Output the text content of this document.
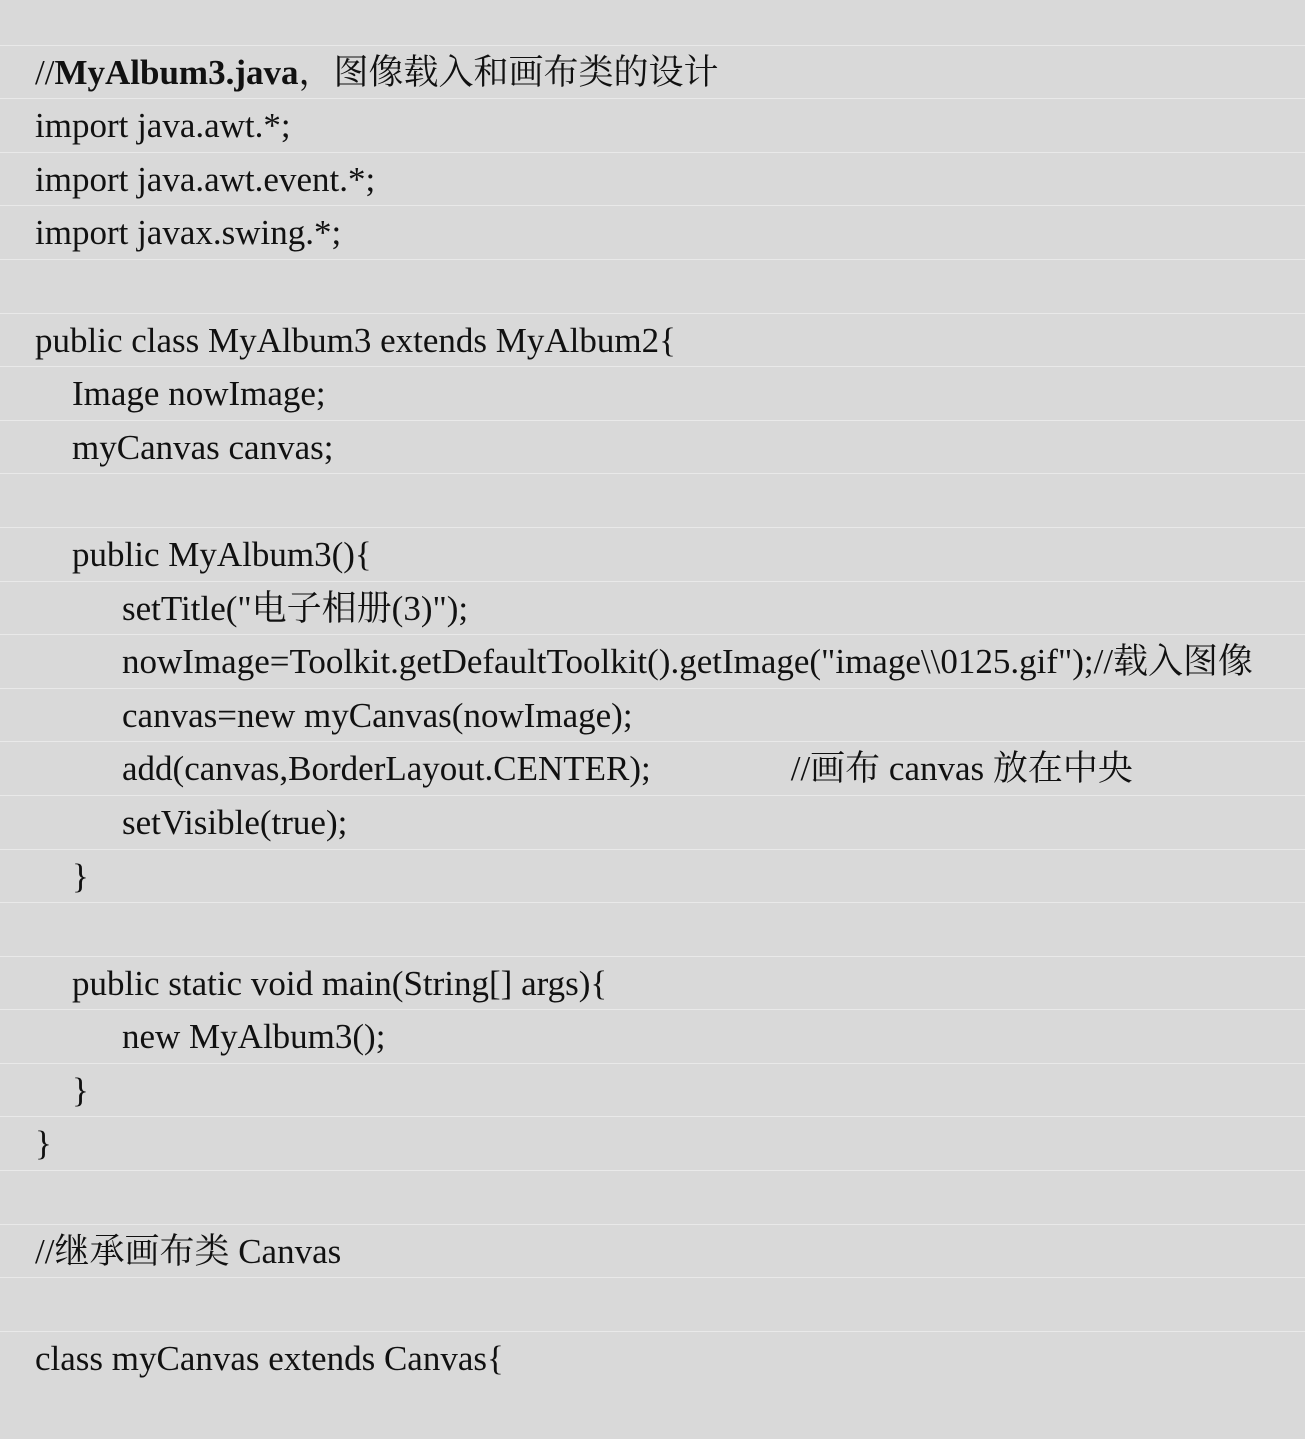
//MyAlbum3.java，图像载入和画布类的设计

import java.awt.*;

import java.awt.event.*;

import javax.swing.*;

public class MyAlbum3 extends MyAlbum2{

Image nowImage;

myCanvas canvas;

public MyAlbum3(){

setTitle("电子相册(3)");

nowImage=Toolkit.getDefaultToolkit().getImage("image\\0125.gif");//载入图像

canvas=new myCanvas(nowImage);

add(canvas,BorderLayout.CENTER);	//画布 canvas 放在中央

setVisible(true);

}

public static void main(String[] args){

new MyAlbum3();

}

}

//继承画布类 Canvas

class myCanvas extends Canvas{
